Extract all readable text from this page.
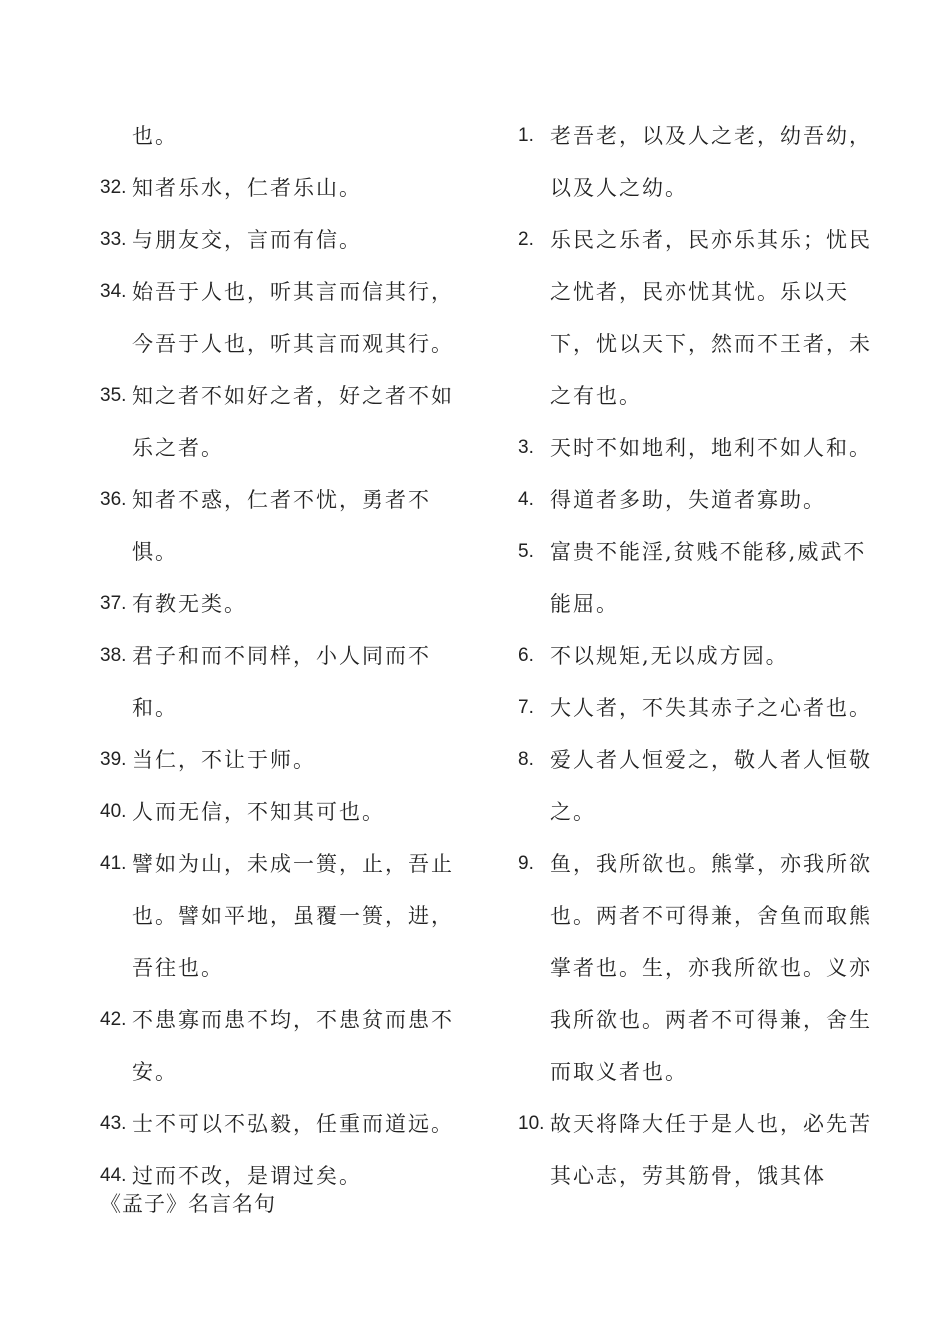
也。
32. 知者乐水，仁者乐山。
33. 与朋友交，言而有信。
34. 始吾于人也，听其言而信其行，今吾于人也，听其言而观其行。
35. 知之者不如好之者，好之者不如乐之者。
36. 知者不惑，仁者不忧，勇者不惧。
37. 有教无类。
38. 君子和而不同样，小人同而不和。
39. 当仁，不让于师。
40. 人而无信，不知其可也。
41. 譬如为山，未成一篑，止，吾止也。譬如平地，虽覆一篑，进，吾往也。
42. 不患寡而患不均，不患贫而患不安。
43. 士不可以不弘毅，任重而道远。
44. 过而不改，是谓过矣。
《孟子》名言名句
1. 老吾老，以及人之老，幼吾幼，以及人之幼。
2. 乐民之乐者，民亦乐其乐；忧民之忧者，民亦忧其忧。乐以天下，忧以天下，然而不王者，未之有也。
3. 天时不如地利，地利不如人和。
4. 得道者多助，失道者寡助。
5. 富贵不能淫,贫贱不能移,威武不能屈。
6. 不以规矩,无以成方园。
7. 大人者，不失其赤子之心者也。
8. 爱人者人恒爱之，敬人者人恒敬之。
9. 鱼，我所欲也。熊掌，亦我所欲也。两者不可得兼，舍鱼而取熊掌者也。生，亦我所欲也。义亦我所欲也。两者不可得兼，舍生而取义者也。
10. 故天将降大任于是人也，必先苦其心志，劳其筋骨，饿其体
